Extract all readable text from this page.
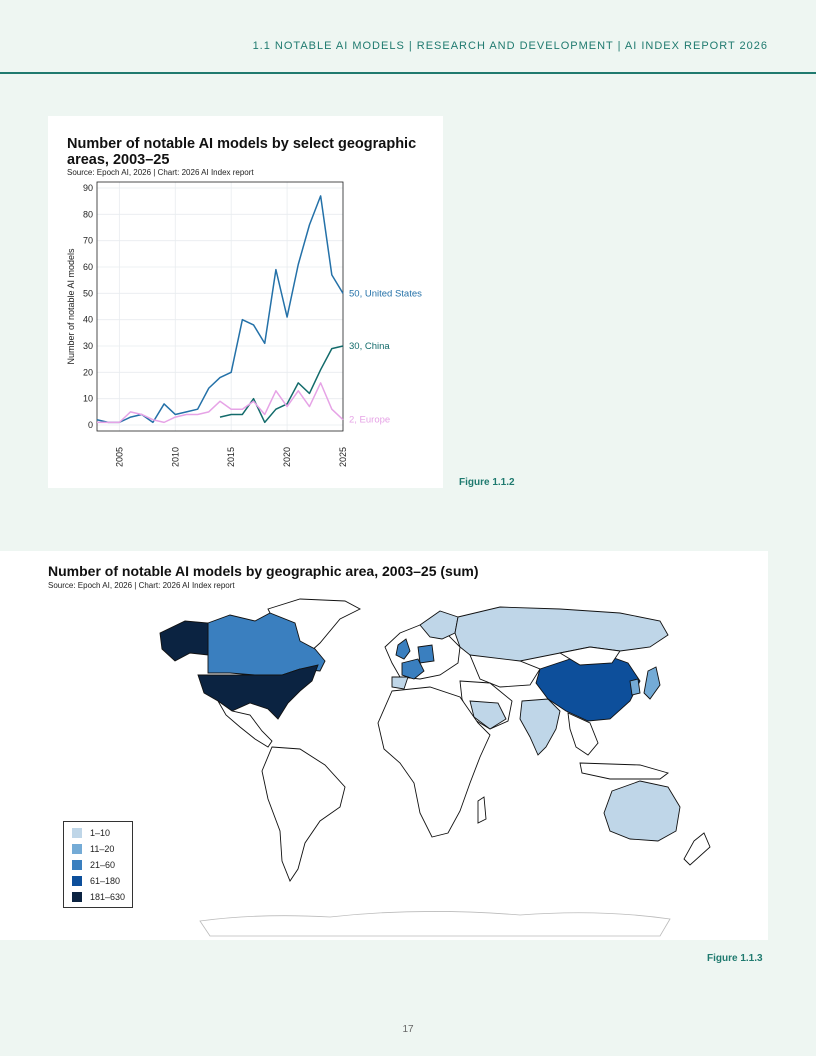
1.1 NOTABLE AI MODELS | RESEARCH AND DEVELOPMENT | AI INDEX REPORT 2026
Number of notable AI models by select geographic areas, 2003–25
Source: Epoch AI, 2026 | Chart: 2026 AI Index report
0
10
20
30
40
50
60
70
80
90
2005	2010	2015	2020	2025
Number of notable AI models	50, United States
30, China
2, Europe
Figure 1.1.2
Number of notable AI models by geographic area, 2003–25 (sum)
Source: Epoch AI, 2026 | Chart: 2026 AI Index report
1–10
11–20
21–60
61–180
181–630
Figure 1.1.3
17
